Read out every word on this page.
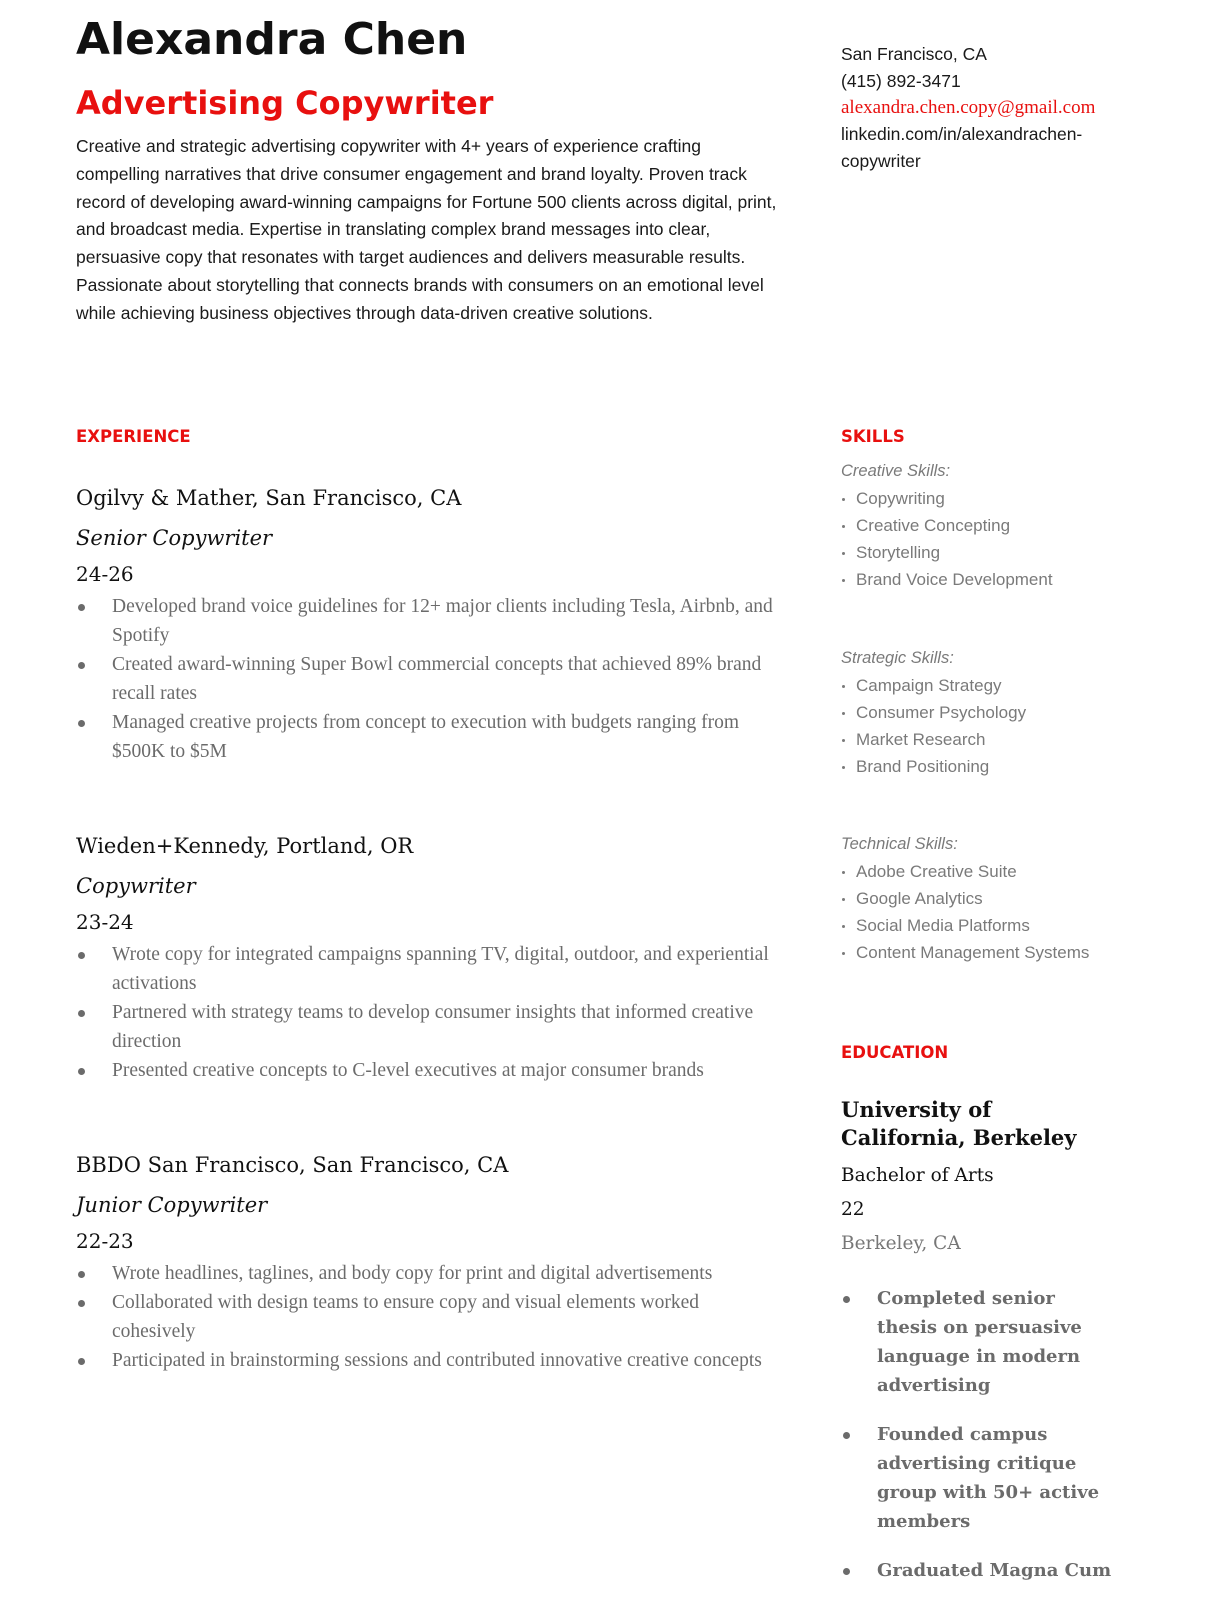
Alexandra Chen
Advertising Copywriter
Creative and strategic advertising copywriter with 4+ years of experience crafting compelling narratives that drive consumer engagement and brand loyalty. Proven track record of developing award-winning campaigns for Fortune 500 clients across digital, print, and broadcast media. Expertise in translating complex brand messages into clear, persuasive copy that resonates with target audiences and delivers measurable results. Passionate about storytelling that connects brands with consumers on an emotional level while achieving business objectives through data-driven creative solutions.
San Francisco, CA
(415) 892-3471
alexandra.chen.copy@gmail.com
linkedin.com/in/alexandrachen-copywriter
EXPERIENCE
Ogilvy & Mather, San Francisco, CA
Senior Copywriter
24-26
Developed brand voice guidelines for 12+ major clients including Tesla, Airbnb, and Spotify
Created award-winning Super Bowl commercial concepts that achieved 89% brand recall rates
Managed creative projects from concept to execution with budgets ranging from $500K to $5M
Wieden+Kennedy, Portland, OR
Copywriter
23-24
Wrote copy for integrated campaigns spanning TV, digital, outdoor, and experiential activations
Partnered with strategy teams to develop consumer insights that informed creative direction
Presented creative concepts to C-level executives at major consumer brands
BBDO San Francisco, San Francisco, CA
Junior Copywriter
22-23
Wrote headlines, taglines, and body copy for print and digital advertisements
Collaborated with design teams to ensure copy and visual elements worked cohesively
Participated in brainstorming sessions and contributed innovative creative concepts
SKILLS
Creative Skills:
Copywriting
Creative Concepting
Storytelling
Brand Voice Development
Strategic Skills:
Campaign Strategy
Consumer Psychology
Market Research
Brand Positioning
Technical Skills:
Adobe Creative Suite
Google Analytics
Social Media Platforms
Content Management Systems
EDUCATION
University of California, Berkeley
Bachelor of Arts
22
Berkeley, CA
Completed senior thesis on persuasive language in modern advertising
Founded campus advertising critique group with 50+ active members
Graduated Magna Cum
